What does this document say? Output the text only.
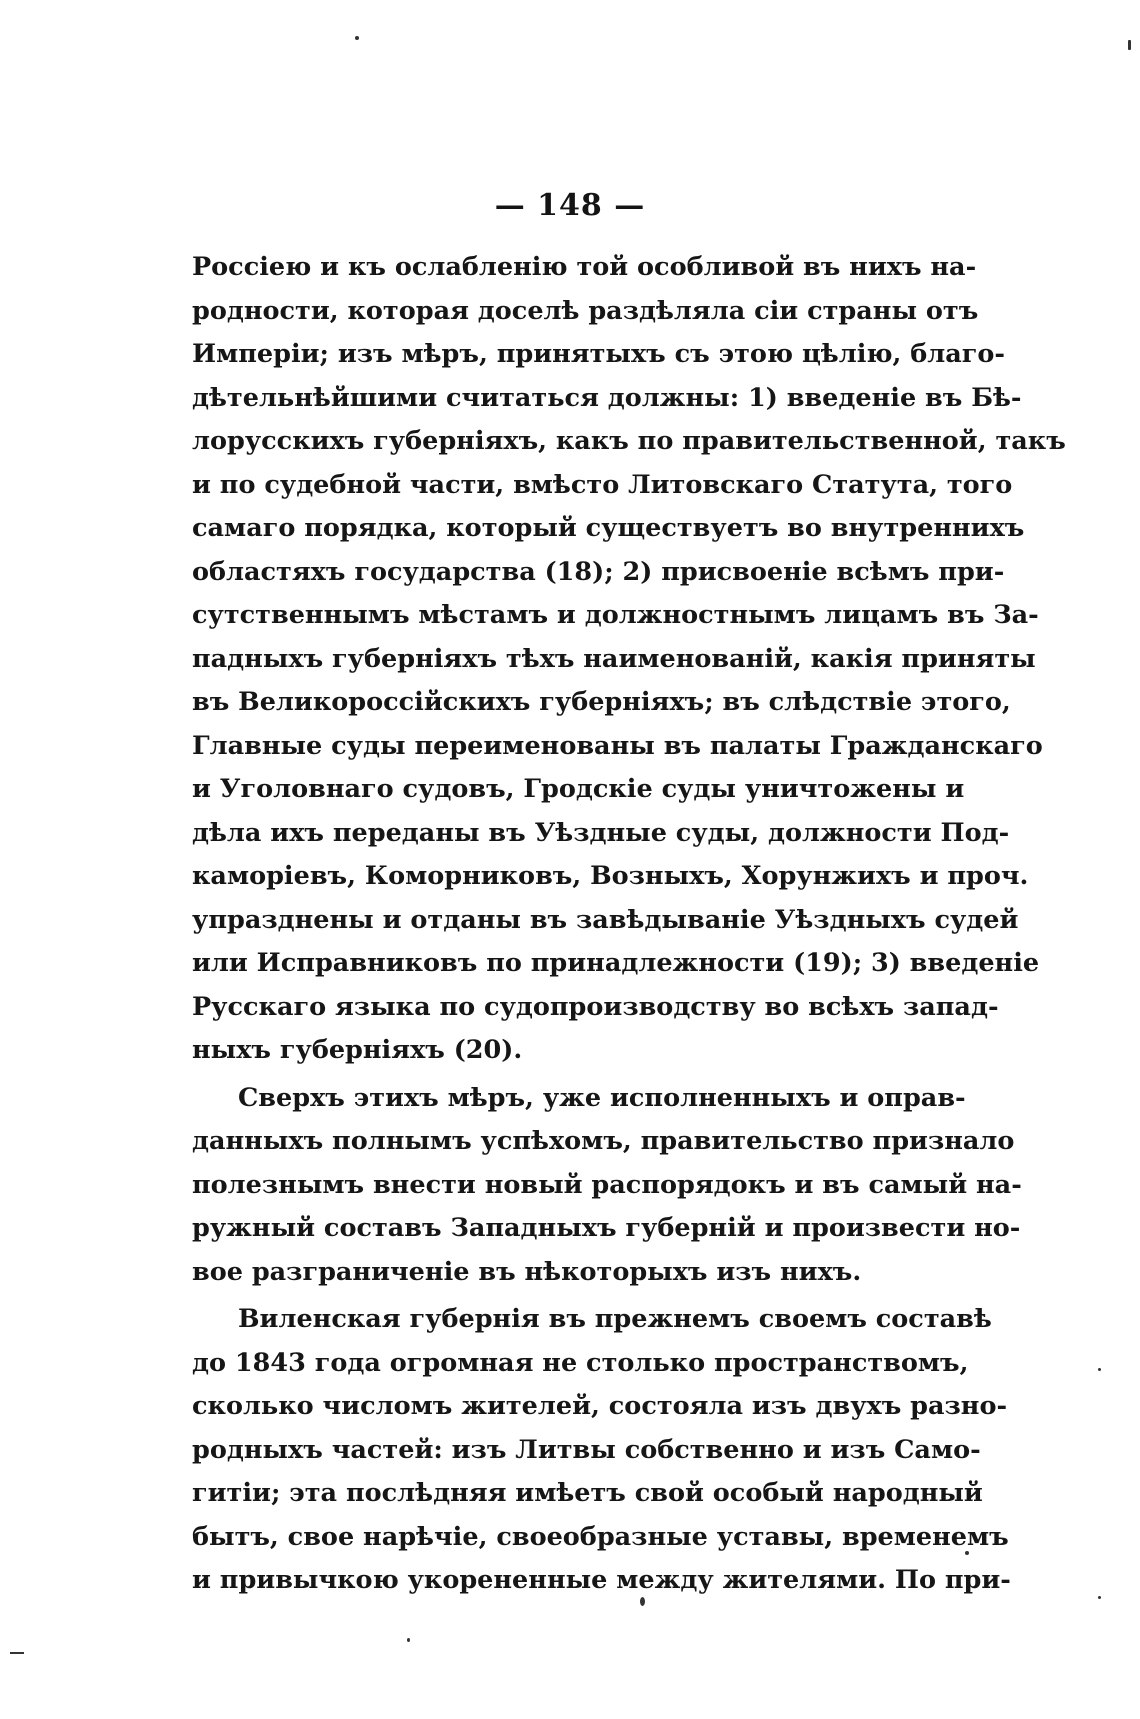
— 148 —
Россіею и къ ослабленію той особливой въ нихъ на-
родности, которая доселѣ раздѣляла сіи страны отъ
Имперіи; изъ мѣръ, принятыхъ съ этою цѣлію, благо-
дѣтельнѣйшими считаться должны: 1) введеніе въ Бѣ-
лорусскихъ губерніяхъ, какъ по правительственной, такъ
и по судебной части, вмѣсто Литовскаго Статута, того
самаго порядка, который существуетъ во внутреннихъ
областяхъ государства (18); 2) присвоеніе всѣмъ при-
сутственнымъ мѣстамъ и должностнымъ лицамъ въ За-
падныхъ губерніяхъ тѣхъ наименованій, какія приняты
въ Великороссійскихъ губерніяхъ; въ слѣдствіе этого,
Главные суды переименованы въ палаты Гражданскаго
и Уголовнаго судовъ, Гродскіе суды уничтожены и
дѣла ихъ переданы въ Уѣздные суды, должности Под-
каморіевъ, Коморниковъ, Возныхъ, Хорунжихъ и проч.
упразднены и отданы въ завѣдываніе Уѣздныхъ судей
или Исправниковъ по принадлежности (19); 3) введеніе
Русскаго языка по судопроизводству во всѣхъ запад-
ныхъ губерніяхъ (20).
Сверхъ этихъ мѣръ, уже исполненныхъ и оправ-
данныхъ полнымъ успѣхомъ, правительство признало
полезнымъ внести новый распорядокъ и въ самый на-
ружный составъ Западныхъ губерній и произвести но-
вое разграниченіе въ нѣкоторыхъ изъ нихъ.
Виленская губернія въ прежнемъ своемъ составѣ
до 1843 года огромная не столько пространствомъ,
сколько числомъ жителей, состояла изъ двухъ разно-
родныхъ частей: изъ Литвы собственно и изъ Само-
гитіи; эта послѣдняя имѣетъ свой особый народный
бытъ, свое нарѣчіе, своеобразные уставы, временемъ
и привычкою укорененные между жителями. По при-
